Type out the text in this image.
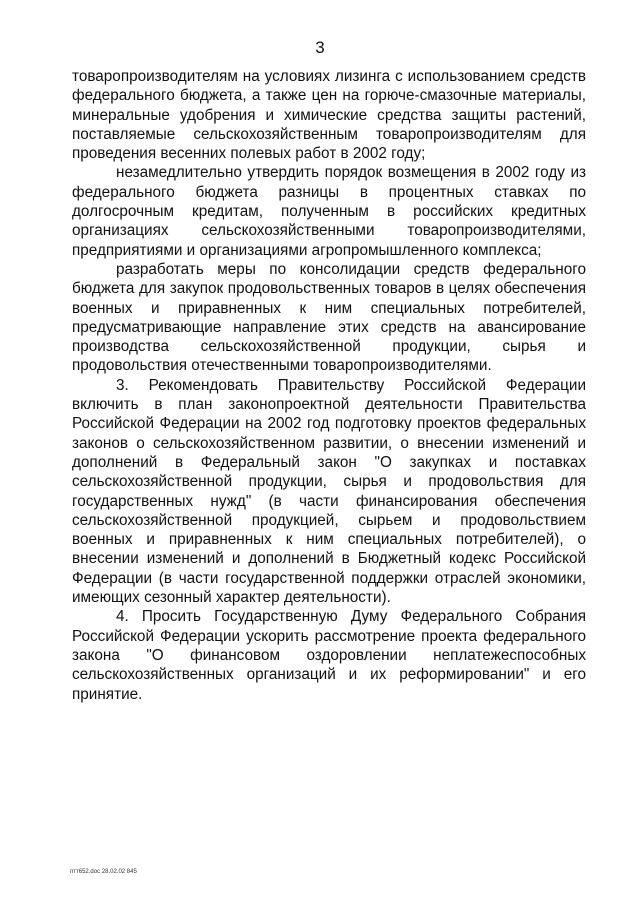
3

товаропроизводителям на условиях лизинга с использованием средств федерального бюджета, а также цен на горюче-смазочные материалы, минеральные удобрения и химические средства защиты растений, поставляемые сельскохозяйственным товаропроизводителям для проведения весенних полевых работ в 2002 году;

незамедлительно утвердить порядок возмещения в 2002 году из федерального бюджета разницы в процентных ставках по долгосрочным кредитам, полученным в российских кредитных организациях сельскохозяйственными товаропроизводителями, предприятиями и организациями агропромышленного комплекса;

разработать меры по консолидации средств федерального бюджета для закупок продовольственных товаров в целях обеспечения военных и приравненных к ним специальных потребителей, предусматривающие направление этих средств на авансирование производства сельскохозяйственной продукции, сырья и продовольствия отечественными товаропроизводителями.

3. Рекомендовать Правительству Российской Федерации включить в план законопроектной деятельности Правительства Российской Федерации на 2002 год подготовку проектов федеральных законов о сельскохозяйственном развитии, о внесении изменений и дополнений в Федеральный закон "О закупках и поставках сельскохозяйственной продукции, сырья и продовольствия для государственных нужд" (в части финансирования обеспечения сельскохозяйственной продукцией, сырьем и продовольствием военных и приравненных к ним специальных потребителей), о внесении изменений и дополнений в Бюджетный кодекс Российской Федерации (в части государственной поддержки отраслей экономики, имеющих сезонный характер деятельности).

4. Просить Государственную Думу Федерального Собрания Российской Федерации ускорить рассмотрение проекта федерального закона "О финансовом оздоровлении неплатежеспособных сельскохозяйственных организаций и их реформировании" и его принятие.

птт652.doc 28.02.02 845
